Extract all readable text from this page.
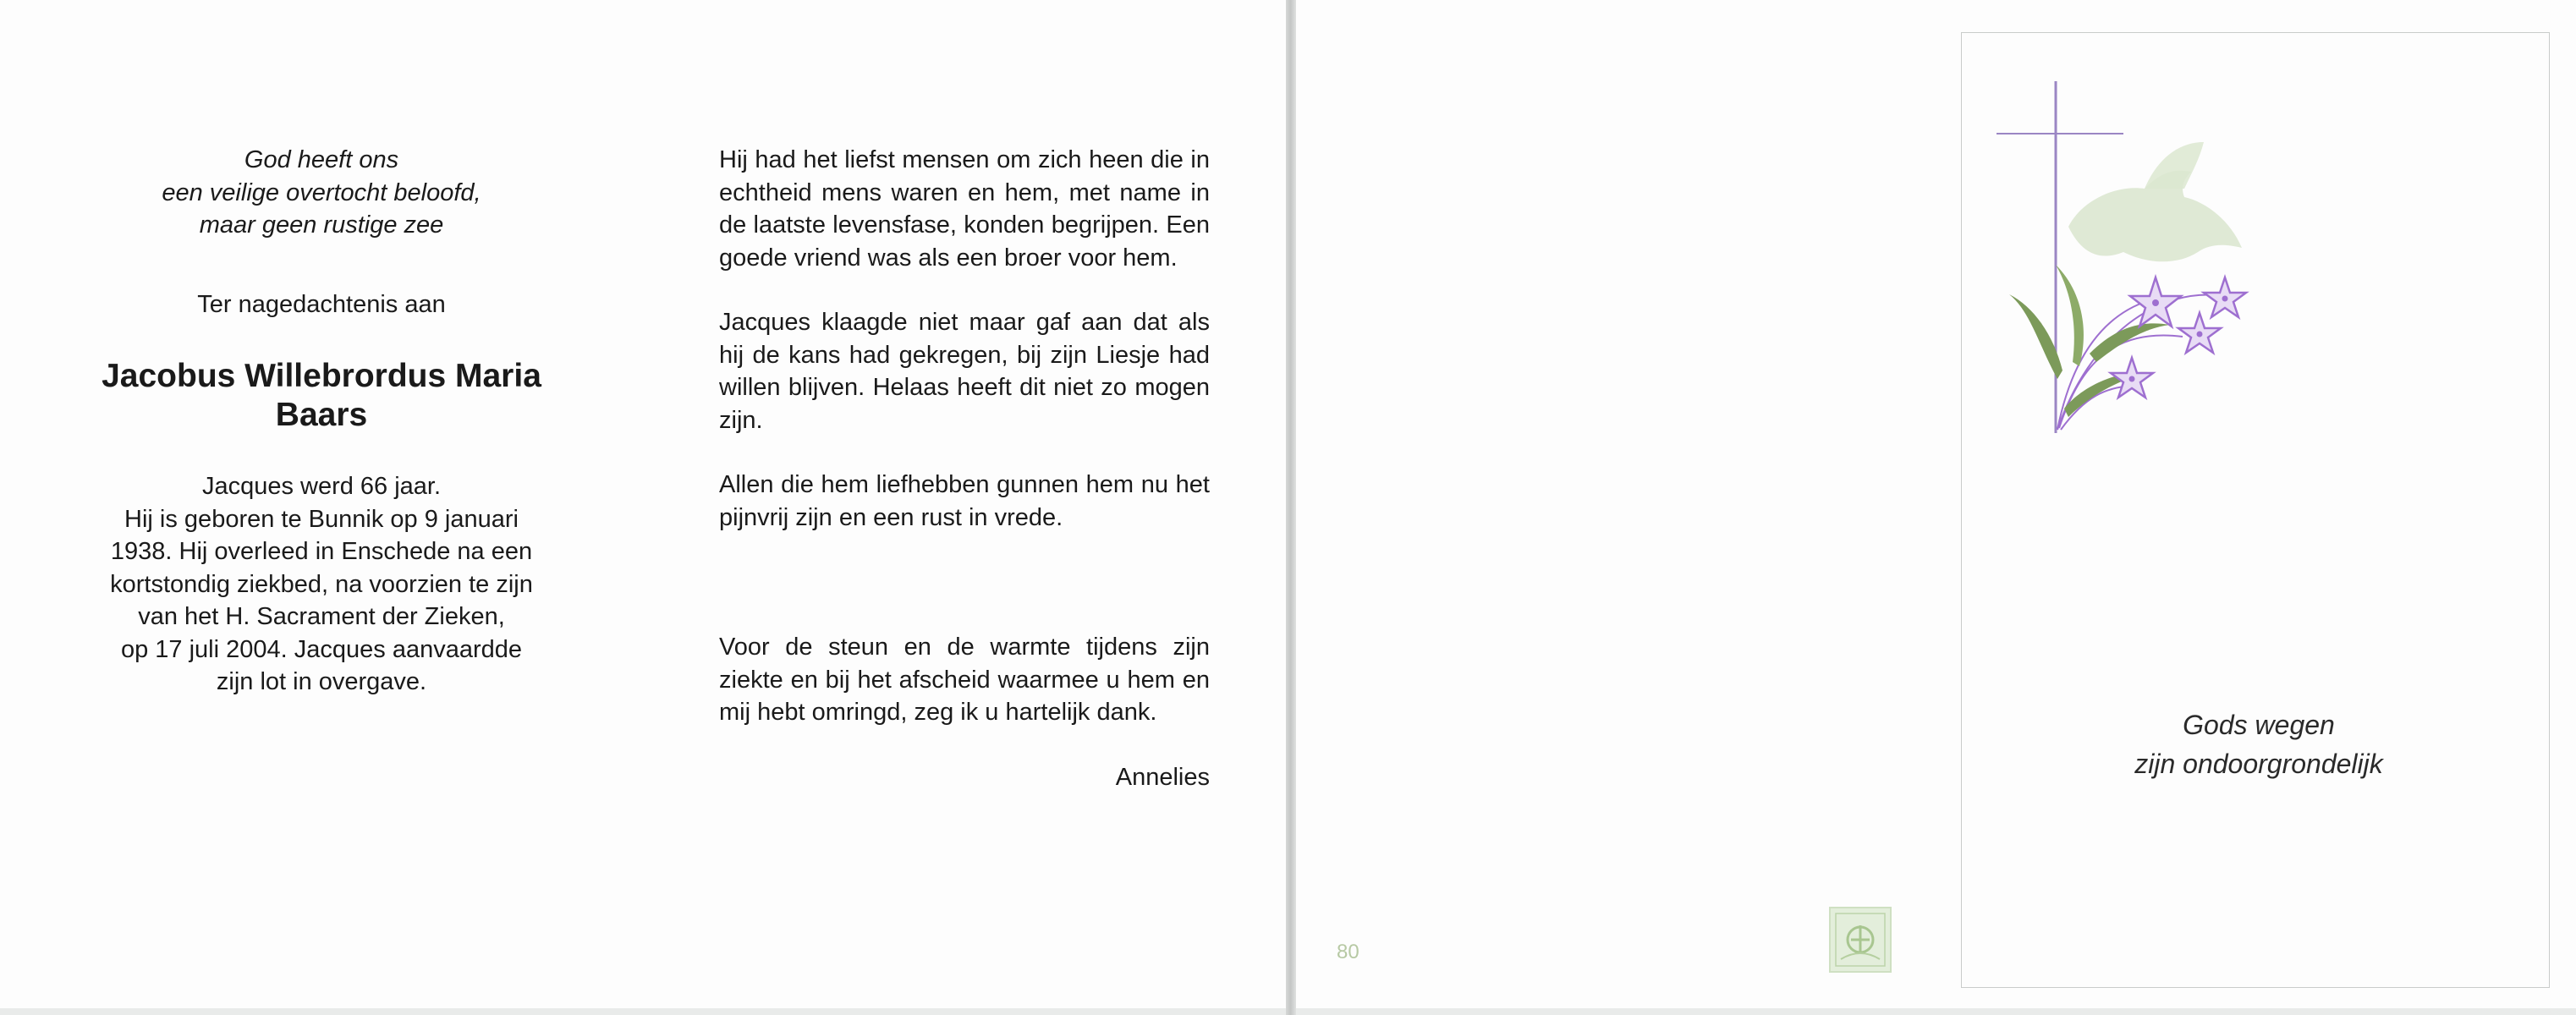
God heeft ons

een veilige overtocht beloofd,

maar geen rustige zee

Ter nagedachtenis aan

Jacobus Willebrordus Maria
Baars

Jacques werd 66 jaar.

Hij is geboren te Bunnik op 9 januari

1938. Hij overleed in Enschede na een

kortstondig ziekbed, na voorzien te zijn

van het H. Sacrament der Zieken,

op 17 juli 2004. Jacques aanvaardde

zijn lot in overgave.

Hij had het liefst mensen om zich heen die in echtheid mens waren en hem, met name in de laatste levensfase, konden begrijpen. Een goede vriend was als een broer voor hem.

Jacques klaagde niet maar gaf aan dat als hij de kans had gekregen, bij zijn Liesje had willen blijven. Helaas heeft dit niet zo mogen zijn.

Allen die hem liefhebben gunnen hem nu het pijnvrij zijn en een rust in vrede.

Voor de steun en de warmte tijdens zijn ziekte en bij het afscheid waarmee u hem en mij hebt omringd, zeg ik u hartelijk dank.

Annelies

80
Gods wegen
zijn ondoorgrondelijk
